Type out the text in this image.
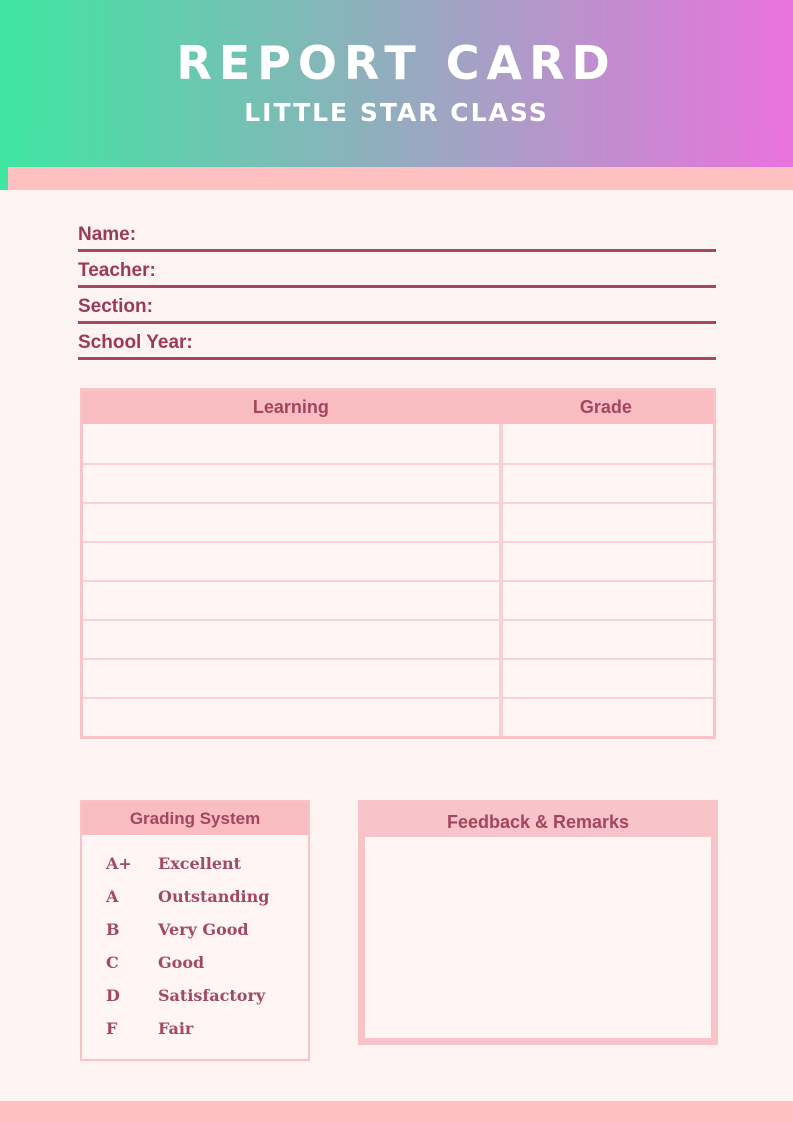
REPORT CARD
LITTLE STAR CLASS
Name:
Teacher:
Section:
School Year:
Learning	Grade
Grading System
A+	Excellent
A	Outstanding
B	Very Good
C	Good
D	Satisfactory
F	Fair
Feedback & Remarks
